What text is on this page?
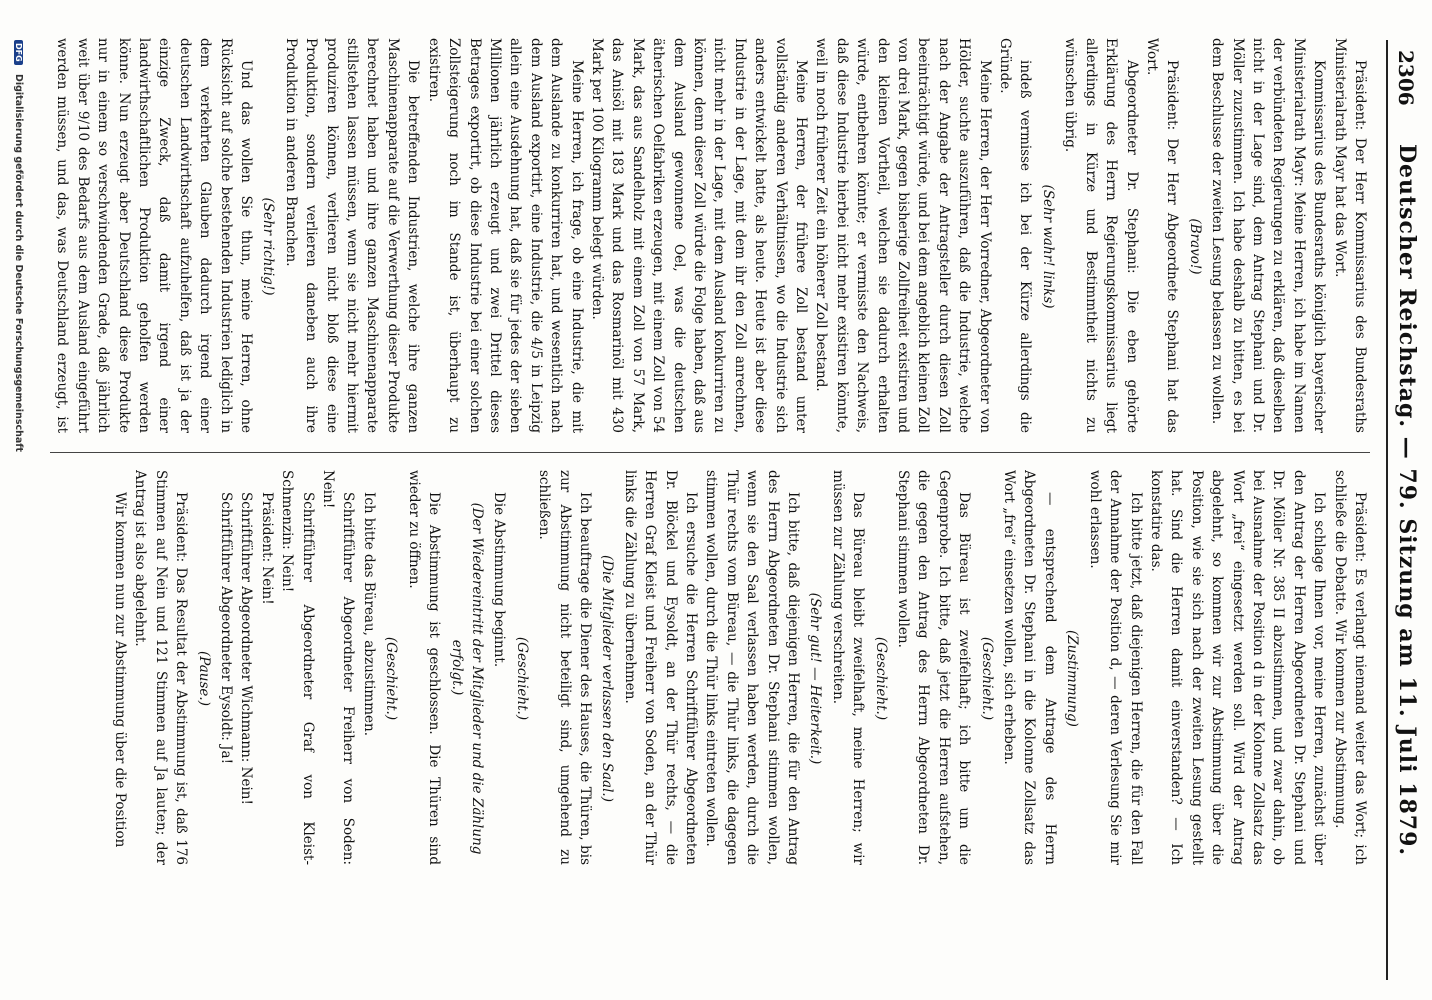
2306
Deutscher Reichstag. — 79. Sitzung am 11. Juli 1879.

Präsident: Der Herr Kommissarius des Bundesraths Ministerialrath Mayr hat das Wort.

Kommissarius des Bundesraths königlich bayerischer Ministerialrath Mayr: Meine Herren, ich habe im Namen der verbündeten Regierungen zu erklären, daß dieselben nicht in der Lage sind, dem Antrag Stephani und Dr. Möller zuzustimmen. Ich habe deshalb zu bitten, es bei dem Beschlusse der zweiten Lesung belassen zu wollen.

(Bravo!)

Präsident: Der Herr Abgeordnete Stephani hat das Wort.

Abgeordneter Dr. Stephani: Die eben gehörte Erklärung des Herrn Regierungskommissarius liegt allerdings in Kürze und Bestimmtheit nichts zu wünschen übrig.

(Sehr wahr! links)

indeß vermisse ich bei der Kürze allerdings die Gründe.

Meine Herren, der Herr Vorredner, Abgeordneter von Hölder, suchte auszuführen, daß die Industrie, welche nach der Angabe der Antragsteller durch diesen Zoll beeinträchtigt würde, und bei dem angeblich kleinen Zoll von drei Mark, gegen bisherige Zollfreiheit existiren und den kleinen Vortheil, welchen sie dadurch erhalten würde, entbehren könnte; er vermisste den Nachweis, daß diese Industrie hierbei nicht mehr existiren könnte, weil in noch früherer Zeit ein höherer Zoll bestand.

Meine Herren, der frühere Zoll bestand unter vollständig anderen Verhältnissen, wo die Industrie sich anders entwickelt hatte, als heute. Heute ist aber diese Industrie in der Lage, mit dem ihr den Zoll anrechnen, nicht mehr in der Lage, mit dem Ausland konkurriren zu können, denn dieser Zoll würde die Folge haben, daß aus dem Ausland gewonnene Oel, was die deutschen ätherischen Oelfabriken erzeugen, mit einem Zoll von 54 Mark, das aus Sandelholz mit einem Zoll von 57 Mark, das Anisöl mit 183 Mark und das Rosmarinöl mit 430 Mark per 100 Kilogramm belegt würden.

Meine Herren, ich frage, ob eine Industrie, die mit dem Auslande zu konkurriren hat, und wesentlich nach dem Ausland exportirt, eine Industrie, die 4/5 in Leipzig allein eine Ausdehnung hat, daß sie für jedes der sieben Millionen jährlich erzeugt und zwei Drittel dieses Betrages exportirt, ob diese Industrie bei einer solchen Zollsteigerung noch im Stande ist, überhaupt zu existiren.

Die betreffenden Industrien, welche ihre ganzen Maschinenapparate auf die Verwerthung dieser Produkte berechnet haben und ihre ganzen Maschinenapparate stillstehen lassen müssen, wenn sie nicht mehr hiermit produziren können, verlieren nicht bloß diese eine Produktion, sondern verlieren daneben auch ihre Produktion in anderen Branchen.

(Sehr richtig!)

Und das wollen Sie thun, meine Herren, ohne Rücksicht auf solche bestehenden Industrien lediglich in dem verkehrten Glauben dadurch irgend einer deutschen Landwirthschaft aufzuhelfen, daß ist ja der einzige Zweck, daß damit irgend einer landwirthschaftlichen Produktion geholfen werden könne. Nun erzeugt aber Deutschland diese Produkte nur in einem so verschwindenden Grade, daß jährlich weit über 9/10 des Bedarfs aus dem Ausland eingeführt werden müssen, und das, was Deutschland erzeugt, ist

Präsident: Es verlangt niemand weiter das Wort; ich schließe die Debatte. Wir kommen zur Abstimmung.

Ich schlage Ihnen vor, meine Herren, zunächst über den Antrag der Herren Abgeordneten Dr. Stephani und Dr. Möller Nr. 385 II abzustimmen, und zwar dahin, ob bei Ausnahme der Position d in der Kolonne Zollsatz das Wort „frei“ eingesetzt werden soll. Wird der Antrag abgelehnt, so kommen wir zur Abstimmung über die Position, wie sie sich nach der zweiten Lesung gestellt hat. Sind die Herren damit einverstanden? — Ich konstatire das.

Ich bitte jetzt, daß diejenigen Herren, die für den Fall der Annahme der Position d, — deren Verlesung Sie mir wohl erlassen.

(Zustimmung)

— entsprechend dem Antrage des Herrn Abgeordneten Dr. Stephani in die Kolonne Zollsatz das Wort „frei“ einsetzen wollen, sich erheben.

(Geschieht.)

Das Büreau ist zweifelhaft; ich bitte um die Gegenprobe. Ich bitte, daß jetzt die Herren aufstehen, die gegen den Antrag des Herrn Abgeordneten Dr. Stephani stimmen wollen.

(Geschieht.)

Das Büreau bleibt zweifelhaft, meine Herren; wir müssen zur Zählung verschreiten.

(Sehr gut! — Heiterkeit.)

Ich bitte, daß diejenigen Herren, die für den Antrag des Herrn Abgeordneten Dr. Stephani stimmen wollen, wenn sie den Saal verlassen haben werden, durch die Thür rechts vom Büreau, — die Thür links, die dagegen stimmen wollen, durch die Thür links eintreten wollen.

Ich ersuche die Herren Schriftführer Abgeordneten Dr. Blöckel und Eysoldt, an der Thür rechts, — die Herren Graf Kleist und Freiherr von Soden, an der Thür links die Zählung zu übernehmen.

(Die Mitglieder verlassen den Saal.)

Ich beauftrage die Diener des Hauses, die Thüren, bis zur Abstimmung nicht beteiligt sind, umgehend zu schließen.

(Geschieht.)

Die Abstimmung beginnt.

(Der Wiedereintritt der Mitglieder und die Zählung erfolgt.)

Die Abstimmung ist geschlossen. Die Thüren sind wieder zu öffnen.

(Geschieht.)

Ich bitte das Büreau, abzustimmen.

Schriftführer Abgeordneter Freiherr von Soden: Nein!

Schriftführer Abgeordneter Graf von Kleist-Schmenzin: Nein!

Präsident: Nein!

Schriftführer Abgeordneter Wichmann: Nein!

Schriftführer Abgeordneter Eysoldt: Ja!

(Pause.)

Präsident: Das Resultat der Abstimmung ist, daß 176 Stimmen auf Nein und 121 Stimmen auf Ja lauten; der Antrag ist also abgelehnt.

Wir kommen nun zur Abstimmung über die Position

DFG Digitalisierung gefördert durch die Deutsche Forschungsgemeinschaft
